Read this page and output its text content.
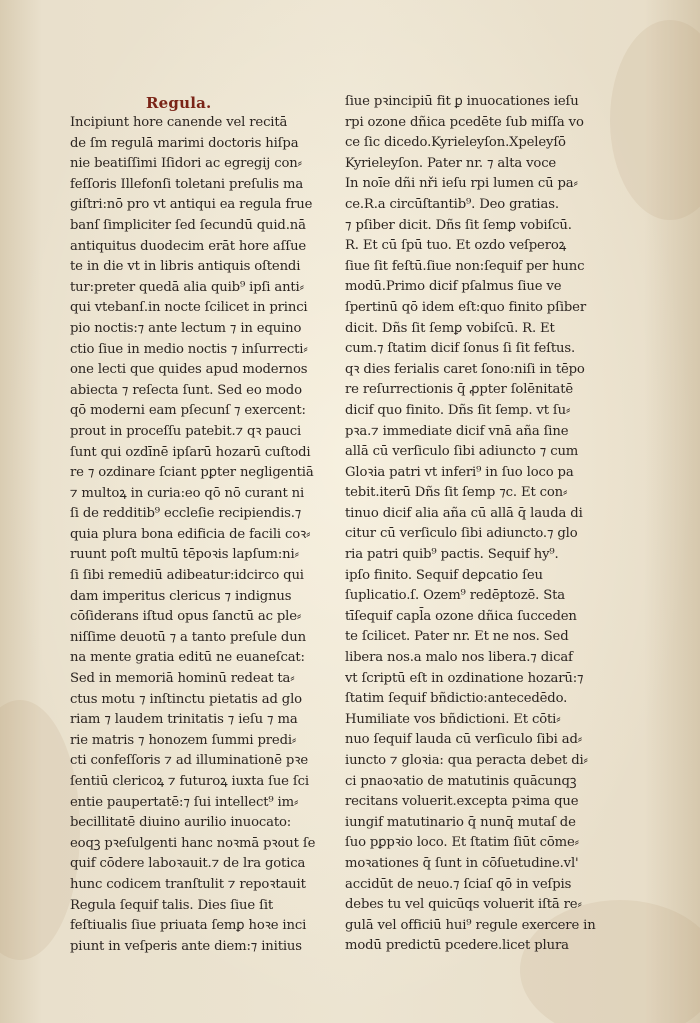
Regula.
Incipiunt hore canende vel recitā
de ſm regulā marimi doctoris hiſpa
nie beatiſſimi Iſidori ac egregij con⸗
feſſoris Illefonſi toletani preſulis ma
giſtri:nō pro vt antiqui ea regula frue
banſ ſimpliciter ſed ſecundū quid.nā
antiquitus duodecim erāt hore aſſue
te in die vt in libris antiquis oſtendi
tur:preter quedā alia quib⁹ ipſi anti⸗
qui vtebanſ.in nocte ſcilicet in princi
pio noctis:⁊ ante lectum ⁊ in equino
ctio ſiue in medio noctis ⁊ inſurrecti⸗
one lecti que quides apud modernos
abiecta ⁊ reſecta ſunt. Sed eo modo
qō moderni eam pſecunſ ⁊ exercent:
prout in proceſſu patebit.⁊ qꝛ pauci
ſunt qui ozdīnē ipſarū hozarū cuſtodi
re ⁊ ozdinare ſciant pꝑter negligentiā
⁊ multoꝝ in curia:eo qō nō curant ni
ſi de redditib⁹ eccleſie recipiendis.⁊
quia plura bona edificia de facili coꝛ⸗
ruunt poſt multū tēpoꝛis lapſum:ni⸗
ſi ſibi remediū adibeatur:idcirco qui
dam imperitus clericus ⁊ indignus
cōſiderans iſtud opus ſanctū ac ple⸗
niſſime deuotū ⁊ a tanto preſule dun
na mente gratia editū ne euaneſcat:
Sed in memoriā hominū redeat ta⸗
ctus motu ⁊ inſtinctu pietatis ad glo
riam ⁊ laudem trinitatis ⁊ ieſu ⁊ ma
rie matris ⁊ honozem ſummi predi⸗
cti confeſſoris ⁊ ad illuminationē pꝛe
ſentiū clericoꝝ ⁊ futuroꝝ iuxta ſue ſci
entie paupertatē:⁊ ſui intellect⁹ im⸗
becillitatē diuino aurilio inuocato:
eoqꝫ pꝛeſulgenti hanc noꝛmā pꝛout ſe
quif cōdere laboꝛauit.⁊ de lra gotica
hunc codicem tranſtulit ⁊ repoꝛtauit
Regula ſequif talis. Dies ſiue ſit
feſtiualis ſiue priuata ſemꝑ hoꝛe inci
piunt in veſperis ante diem:⁊ initius
ſiue pꝛincipiū fit ꝑ inuocationes ieſu
rpi ozone dñica pcedēte ſub miſſa vo
ce ſic dicedo.Kyrieleyſon.Xpeleyſō
Kyrieleyſon. Pater nr. ⁊ alta voce
In noīe dñi nři ieſu rpi lumen cū pa⸗
ce.R.a circūſtantib⁹. Deo gratias.
⁊ pſiber dicit. Dñs ſit ſemꝑ vobiſcū.
R. Et cū ſpū tuo. Et ozdo veſperoꝝ
ſiue ſit feſtū.ſiue non:ſequif per hunc
modū.Primo dicif pſalmus ſiue ve
ſpertinū qō idem eſt:quo finito pſiber
dicit. Dñs ſit ſemꝑ vobiſcū. R. Et
cum.⁊ ſtatim dicif ſonus ſi ſit feſtus.
qꝛ dies ferialis caret ſono:niſi in tēpo
re reſurrectionis q̄ ꝓpter ſolēnitatē
dicif quo finito. Dñs ſit ſemp. vt ſu⸗
pꝛa.⁊ immediate dicif vnā aña ſine
allā cū verſiculo ſibi adiuncto ⁊ cum
Gloꝛia patri vt inferi⁹ in ſuo loco pa
tebit.iterū Dñs ſit ſemp ⁊c. Et con⸗
tinuo dicif alia aña cū allā q̄ lauda di
citur cū verſiculo ſibi adiuncto.⁊ glo
ria patri quib⁹ pactis. Sequif hy⁹.
ipſo finito. Sequif deꝑcatio ſeu
ſuplicatio.ſ. Ozem⁹ redēptozē. Sta
tīſequif capl̄a ozone dñica ſucceden
te ſcilicet. Pater nr. Et ne nos. Sed
libera nos.a malo nos libera.⁊ dicaf
vt ſcriptū eſt in ozdinatione hozarū:⁊
ſtatim ſequif bñdictio:antecedēdo.
Humiliate vos bñdictioni. Et cōti⸗
nuo ſequif lauda cū verſiculo ſibi ad⸗
iuncto ⁊ gloꝛia: qua peracta debet di⸗
ci pnaoꝛatio de matutinis quācunqꝫ
recitans voluerit.excepta pꝛima que
iungif matutinario q̄ nunq̄ mutaſ de
ſuo pꝑpꝛio loco. Et ſtatim ſiūt cōme⸗
moꝛationes q̄ ſunt in cōſuetudine.vl'
accidūt de neuo.⁊ ſciaſ qō in veſpis
debes tu vel quicūqs voluerit iſtā re⸗
gulā vel officiū hui⁹ regule exercere in
modū predictū pcedere.licet plura
